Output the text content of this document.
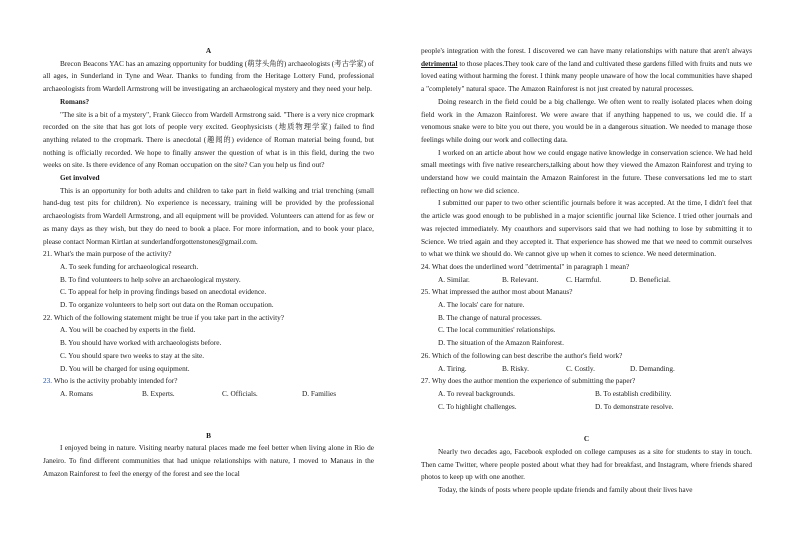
A

Brecon Beacons YAC has an amazing opportunity for budding (萌芽头角的) archaeologists (考古学家) of all ages, in Sunderland in Tyne and Wear. Thanks to funding from the Heritage Lottery Fund, professional archaeologists from Wardell Armstrong will be investigating an archaeological mystery and they need your help.

Romans?

"The site is a bit of a mystery", Frank Giecco from Wardell Armstrong said. "There is a very nice cropmark recorded on the site that has got lots of people very excited. Geophysicists (地质物理学家) failed to find anything related to the cropmark. There is anecdotal (趣闻的) evidence of Roman material being found, but nothing is officially recorded. We hope to finally answer the question of what is in this field, during the two weeks on site. Is there evidence of any Roman occupation on the site? Can you help us find out?

Get involved

This is an opportunity for both adults and children to take part in field walking and trial trenching (small hand-dug test pits for children). No experience is necessary, training will be provided by the professional archaeologists from Wardell Armstrong, and all equipment will be provided. Volunteers can attend for as few or as many days as they wish, but they do need to book a place. For more information, and to book your place, please contact Norman Kirtlan at sunderlandforgottenstones@gmail.com.

21. What's the main purpose of the activity?
A. To seek funding for archaeological research.
B. To find volunteers to help solve an archaeological mystery.
C. To appeal for help in proving findings based on anecdotal evidence.
D. To organize volunteers to help sort out data on the Roman occupation.
22. Which of the following statement might be true if you take part in the activity?
A. You will be coached by experts in the field.
B. You should have worked with archaeologists before.
C. You should spare two weeks to stay at the site.
D. You will be charged for using equipment.
23. Who is the activity probably intended for?
A. Romans	B. Experts.	C. Officials.	D. Families
B

I enjoyed being in nature. Visiting nearby natural places made me feel better when living alone in Rio de Janeiro. To find different communities that had unique relationships with nature, I moved to Manaus in the Amazon Rainforest to feel the energy of the forest and see the local

people's integration with the forest. I discovered we can have many relationships with nature that aren't always detrimental to those places.They took care of the land and cultivated these gardens filled with fruits and nuts we loved eating without harming the forest. I think many people unaware of how the local communities have shaped a "completely" natural space. The Amazon Rainforest is not just created by natural processes.

Doing research in the field could be a big challenge. We often went to really isolated places when doing field work in the Amazon Rainforest. We were aware that if anything happened to us, we could die. If a venomous snake were to bite you out there, you would be in a dangerous situation. We needed to manage those feelings while doing our work and collecting data.

I worked on an article about how we could engage native knowledge in conservation science. We had held small meetings with five native researchers,talking about how they viewed the Amazon Rainforest and trying to understand how we could maintain the Amazon Rainforest in the future. These conversations led me to start reflecting on how we did science.

I submitted our paper to two other scientific journals before it was accepted. At the time, I didn't feel that the article was good enough to be published in a major scientific journal like Science. I tried other journals and was rejected immediately. My coauthors and supervisors said that we had nothing to lose by submitting it to Science. We tried again and they accepted it. That experience has showed me that we need to commit ourselves to what we think we should do. We cannot give up when it comes to science. We need determination.

24. What does the underlined word "detrimental" in paragraph 1 mean?
A. Similar.	B. Relevant.	C. Harmful.	D. Beneficial.
25. What impressed the author most about Manaus?
A. The locals' care for nature.
B. The change of natural processes.
C. The local communities' relationships.
D. The situation of the Amazon Rainforest.
26. Which of the following can best describe the author's field work?
A. Tiring.	B. Risky.	C. Costly.	D. Demanding.
27. Why does the author mention the experience of submitting the paper?
A. To reveal backgrounds.	B. To establish credibility.
C. To highlight challenges.	D. To demonstrate resolve.
C

Nearly two decades ago, Facebook exploded on college campuses as a site for students to stay in touch. Then came Twitter, where people posted about what they had for breakfast, and Instagram, where friends shared photos to keep up with one another.

Today, the kinds of posts where people update friends and family about their lives have
